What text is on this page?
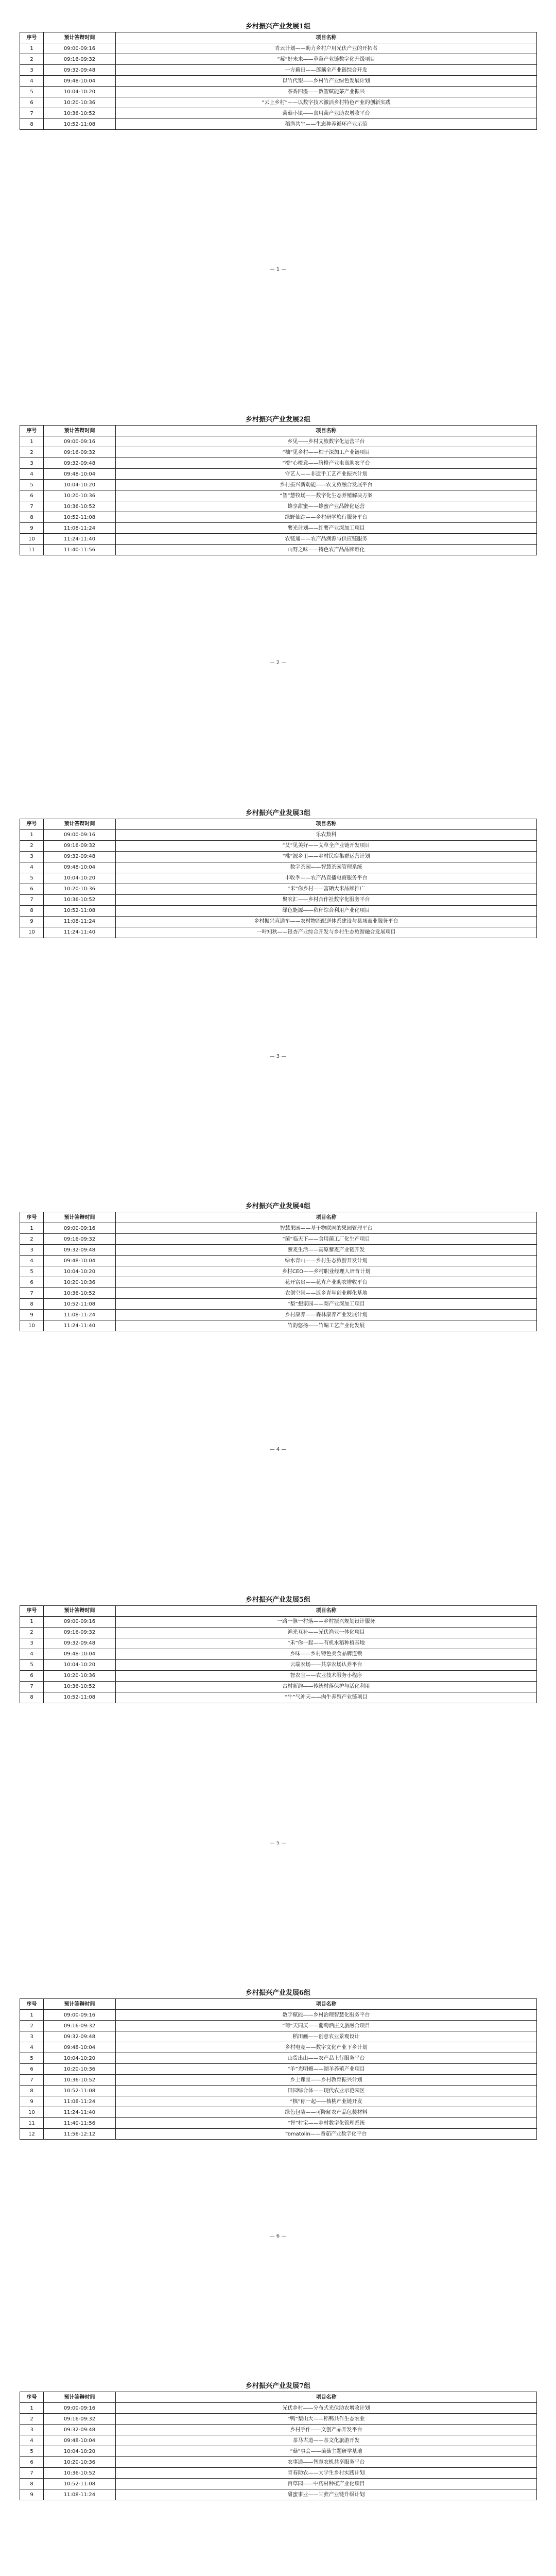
乡村振兴产业发展1组
序号	预计答辩时间	项目名称
1	09:00-09:16	青云计划——助力乡村户用光伏产业的开拓者
2	09:16-09:32	“莓”好未来——草莓产业链数字化升级项目
3	09:32-09:48	一方藕田——莲藕全产业链综合开发
4	09:48-10:04	以竹代塑——乡村竹产业绿色发展计划
5	10:04-10:20	茶香四溢——数智赋能茶产业振兴
6	10:20-10:36	“云上乡村”——以数字技术激活乡村特色产业的创新实践
7	10:36-10:52	菌菇小镇——食用菌产业助农增收平台
8	10:52-11:08	稻渔共生——生态种养循环产业示范
— 1 —
乡村振兴产业发展2组
序号	预计答辩时间	项目名称
1	09:00-09:16	乡见——乡村文旅数字化运营平台
2	09:16-09:32	“柚”见乡村——柚子深加工产业链项目
3	09:32-09:48	“橙”心橙意——脐橙产业电商助农平台
4	09:48-10:04	守艺人——非遗手工艺产业振兴计划
5	10:04-10:20	乡村振兴新动能——农文旅融合发展平台
6	10:20-10:36	“智”慧牧场——数字化生态养殖解决方案
7	10:36-10:52	蜂享甜蜜——蜂蜜产业品牌化运营
8	10:52-11:08	绿野仙踪——乡村研学旅行服务平台
9	11:08-11:24	薯光计划——红薯产业深加工项目
10	11:24-11:40	农链通——农产品溯源与供应链服务
11	11:40-11:56	山野之味——特色农产品品牌孵化
— 2 —
乡村振兴产业发展3组
序号	预计答辩时间	项目名称
1	09:00-09:16	乐农数科
2	09:16-09:32	“艾”见美好——艾草全产业链开发项目
3	09:32-09:48	“桃”源乡里——乡村民宿集群运营计划
4	09:48-10:04	数字茶园——智慧茶园管理系统
5	10:04-10:20	丰收季——农产品直播电商服务平台
6	10:20-10:36	“米”你乡村——富硒大米品牌推广
7	10:36-10:52	聚农汇——乡村合作社数字化服务平台
8	10:52-11:08	绿色能源——秸秆综合利用产业化项目
9	11:08-11:24	乡村振兴直通车——农村物流配送体系建设与县域商业服务平台
10	11:24-11:40	一叶知秋——银杏产业综合开发与乡村生态旅游融合发展项目
— 3 —
乡村振兴产业发展4组
序号	预计答辩时间	项目名称
1	09:00-09:16	智慧果园——基于物联网的果园管理平台
2	09:16-09:32	“菌”临天下——食用菌工厂化生产项目
3	09:32-09:48	藜麦生活——高原藜麦产业链开发
4	09:48-10:04	绿水青山——乡村生态旅游开发计划
5	10:04-10:20	乡村CEO——乡村职业经理人培育计划
6	10:20-10:36	花开富贵——花卉产业助农增收平台
7	10:36-10:52	农创空间——返乡青年创业孵化基地
8	10:52-11:08	“梨”想家园——梨产业深加工项目
9	11:08-11:24	乡村康养——森林康养产业发展计划
10	11:24-11:40	竹韵悠扬——竹编工艺产业化发展
— 4 —
乡村振兴产业发展5组
序号	预计答辩时间	项目名称
1	09:00-09:16	一路一脉一村落——乡村振兴规划设计服务
2	09:16-09:32	渔光互补——光伏渔业一体化项目
3	09:32-09:48	“禾”你一起——有机水稻种植基地
4	09:48-10:04	乡味——乡村特色美食品牌连锁
5	10:04-10:20	云端农场——共享农场认养平台
6	10:20-10:36	智农宝——农业技术服务小程序
7	10:36-10:52	古村新韵——传统村落保护与活化利用
8	10:52-11:08	“牛”气冲天——肉牛养殖产业链项目
— 5 —
乡村振兴产业发展6组
序号	预计答辩时间	项目名称
1	09:00-09:16	数字赋能——乡村治理智慧化服务平台
2	09:16-09:32	“葡”天同庆——葡萄酒庄文旅融合项目
3	09:32-09:48	稻田画——创意农业景观设计
4	09:48-10:04	乡村电竞——数字文化产业下乡计划
5	10:04-10:20	山货出山——农产品上行服务平台
6	10:20-10:36	“羊”光明媚——湖羊养殖产业项目
7	10:36-10:52	乡土课堂——乡村教育振兴计划
8	10:52-11:08	田园综合体——现代农业示范园区
9	11:08-11:24	“核”你一起——核桃产业链开发
10	11:24-11:40	绿色包装——可降解农产品包装材料
11	11:40-11:56	“智”村宝——乡村数字化管理系统
12	11:56-12:12	Tomatolin——番茄产业数字化平台
— 6 —
乡村振兴产业发展7组
序号	预计答辩时间	项目名称
1	09:00-09:16	光伏乡村——分布式光伏助农增收计划
2	09:16-09:32	“鸭”梨山大——稻鸭共作生态农业
3	09:32-09:48	乡村手作——文创产品开发平台
4	09:48-10:04	茶马古道——茶文化旅游开发
5	10:04-10:20	“菇”事会——菌菇主题研学基地
6	10:20-10:36	农事通——智慧农机共享服务平台
7	10:36-10:52	青春助农——大学生乡村实践计划
8	10:52-11:08	百草园——中药材种植产业化项目
9	11:08-11:24	甜蜜事业——甘蔗产业链升级计划
